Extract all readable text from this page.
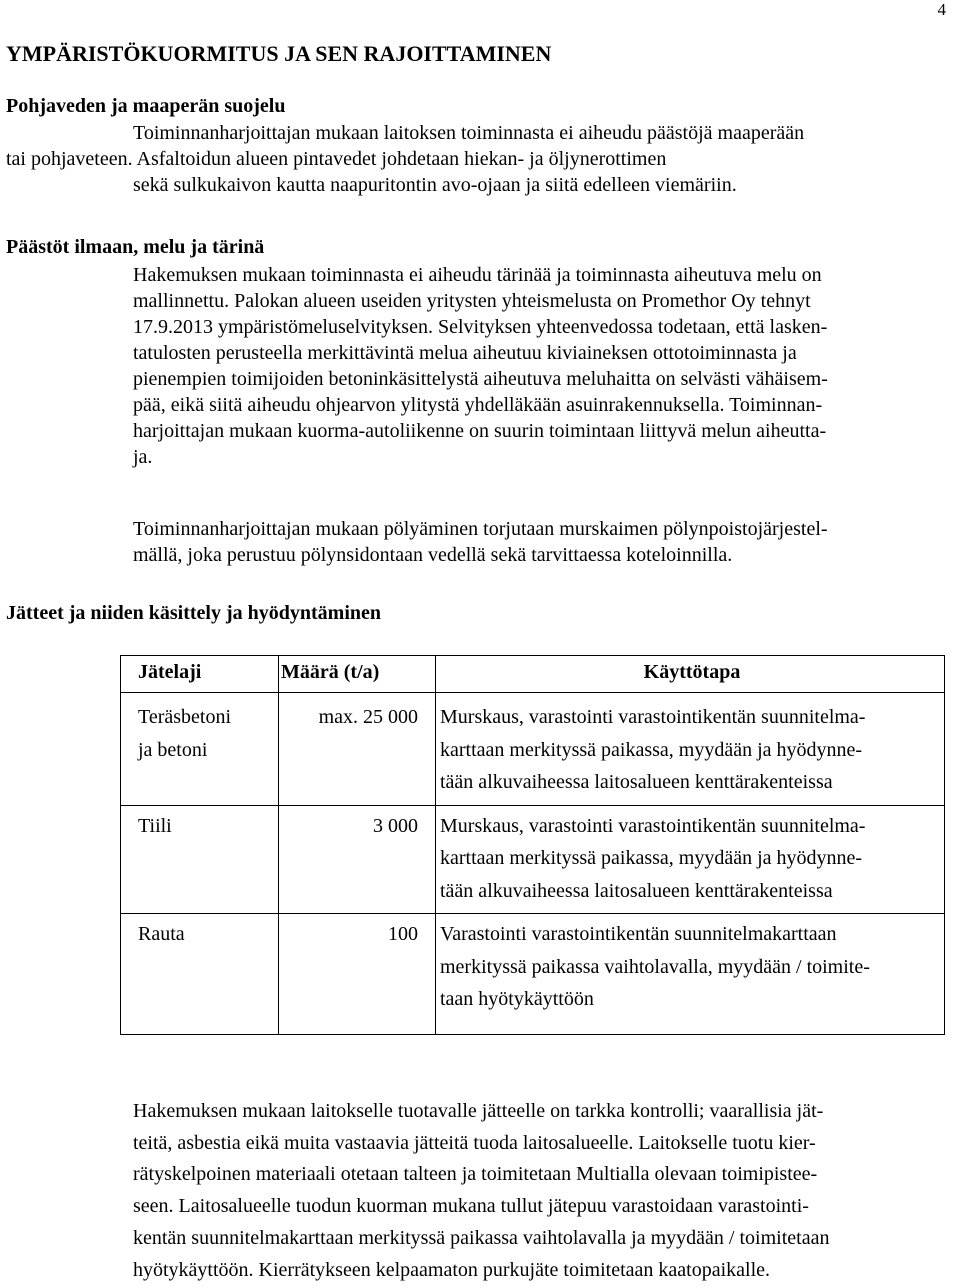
4
YMPÄRISTÖKUORMITUS JA SEN RAJOITTAMINEN
Pohjaveden ja maaperän suojelu
Toiminnanharjoittajan mukaan laitoksen toiminnasta ei aiheudu päästöjä maaperään
tai pohjaveteen. Asfaltoidun alueen pintavedet johdetaan hiekan- ja öljynerottimen
sekä sulkukaivon kautta naapuritontin avo-ojaan ja siitä edelleen viemäriin.
Päästöt ilmaan, melu ja tärinä
Hakemuksen mukaan toiminnasta ei aiheudu tärinää ja toiminnasta aiheutuva melu on
mallinnettu. Palokan alueen useiden yritysten yhteismelusta on Promethor Oy tehnyt
17.9.2013 ympäristömeluselvityksen. Selvityksen yhteenvedossa todetaan, että lasken-
tatulosten perusteella merkittävintä melua aiheutuu kiviaineksen ottotoiminnasta ja
pienempien toimijoiden betoninkäsittelystä aiheutuva meluhaitta on selvästi vähäisem-
pää, eikä siitä aiheudu ohjearvon ylitystä yhdelläkään asuinrakennuksella. Toiminnan-
harjoittajan mukaan kuorma-autoliikenne on suurin toimintaan liittyvä melun aiheutta-
ja.
Toiminnanharjoittajan mukaan pölyäminen torjutaan murskaimen pölynpoistojärjestel-
mällä, joka perustuu pölynsidontaan vedellä sekä tarvittaessa koteloinnilla.
Jätteet ja niiden käsittely ja hyödyntäminen
Jätelaji	Määrä (t/a)	Käyttötapa

Teräsbetoni
ja betoni	max. 25 000	Murskaus, varastointi varastointikentän suunnitelma-
karttaan merkityssä paikassa, myydään ja hyödynne-
tään alkuvaiheessa laitosalueen kenttärakenteissa

Tiili	3 000	Murskaus, varastointi varastointikentän suunnitelma-
karttaan merkityssä paikassa, myydään ja hyödynne-
tään alkuvaiheessa laitosalueen kenttärakenteissa

Rauta	100	Varastointi varastointikentän suunnitelmakarttaan
merkityssä paikassa vaihtolavalla, myydään / toimite-
taan hyötykäyttöön
Hakemuksen mukaan laitokselle tuotavalle jätteelle on tarkka kontrolli; vaarallisia jät-
teitä, asbestia eikä muita vastaavia jätteitä tuoda laitosalueelle. Laitokselle tuotu kier-
rätyskelpoinen materiaali otetaan talteen ja toimitetaan Multialla olevaan toimipistee-
seen. Laitosalueelle tuodun kuorman mukana tullut jätepuu varastoidaan varastointi-
kentän suunnitelmakarttaan merkityssä paikassa vaihtolavalla ja myydään / toimitetaan
hyötykäyttöön. Kierrätykseen kelpaamaton purkujäte toimitetaan kaatopaikalle.
